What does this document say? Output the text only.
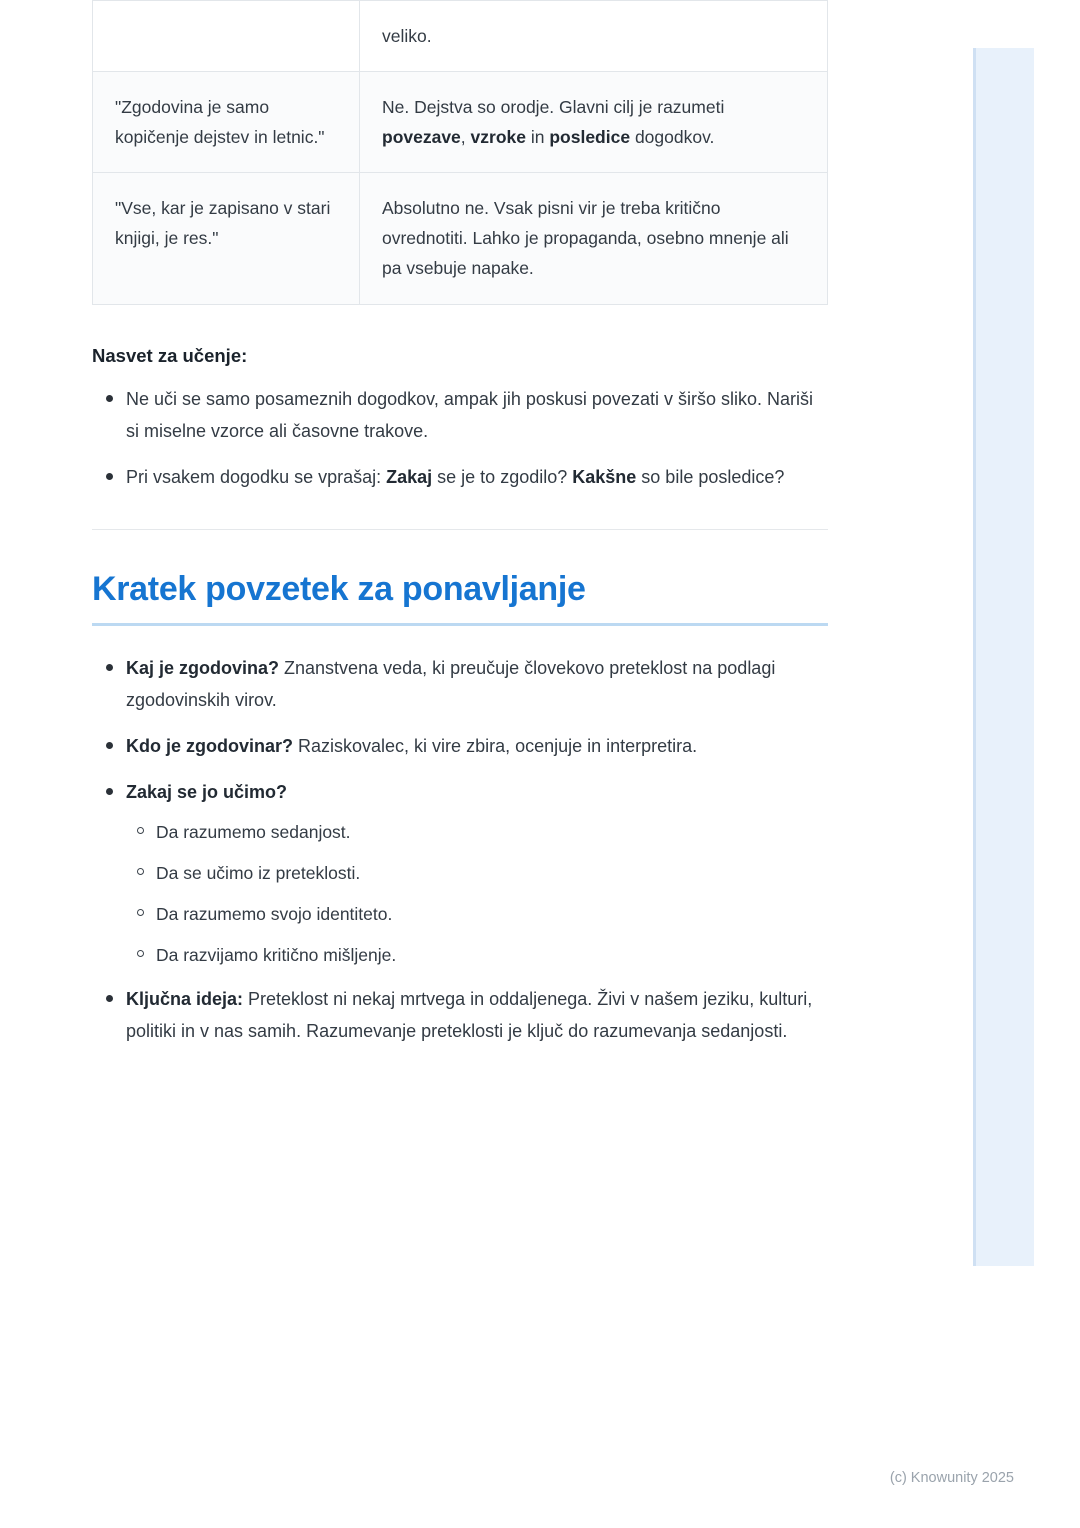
	veliko.
"Zgodovina je samo kopičenje dejstev in letnic."	Ne. Dejstva so orodje. Glavni cilj je razumeti povezave, vzroke in posledice dogodkov.
"Vse, kar je zapisano v stari knjigi, je res."	Absolutno ne. Vsak pisni vir je treba kritično ovrednotiti. Lahko je propaganda, osebno mnenje ali pa vsebuje napake.
Nasvet za učenje:
Ne uči se samo posameznih dogodkov, ampak jih poskusi povezati v širšo sliko. Nariši si miselne vzorce ali časovne trakove.
Pri vsakem dogodku se vprašaj: Zakaj se je to zgodilo? Kakšne so bile posledice?
Kratek povzetek za ponavljanje
Kaj je zgodovina? Znanstvena veda, ki preučuje človekovo preteklost na podlagi zgodovinskih virov.
Kdo je zgodovinar? Raziskovalec, ki vire zbira, ocenjuje in interpretira.
Zakaj se jo učimo?
Da razumemo sedanjost.
Da se učimo iz preteklosti.
Da razumemo svojo identiteto.
Da razvijamo kritično mišljenje.
Ključna ideja: Preteklost ni nekaj mrtvega in oddaljenega. Živi v našem jeziku, kulturi, politiki in v nas samih. Razumevanje preteklosti je ključ do razumevanja sedanjosti.
(c) Knowunity 2025
